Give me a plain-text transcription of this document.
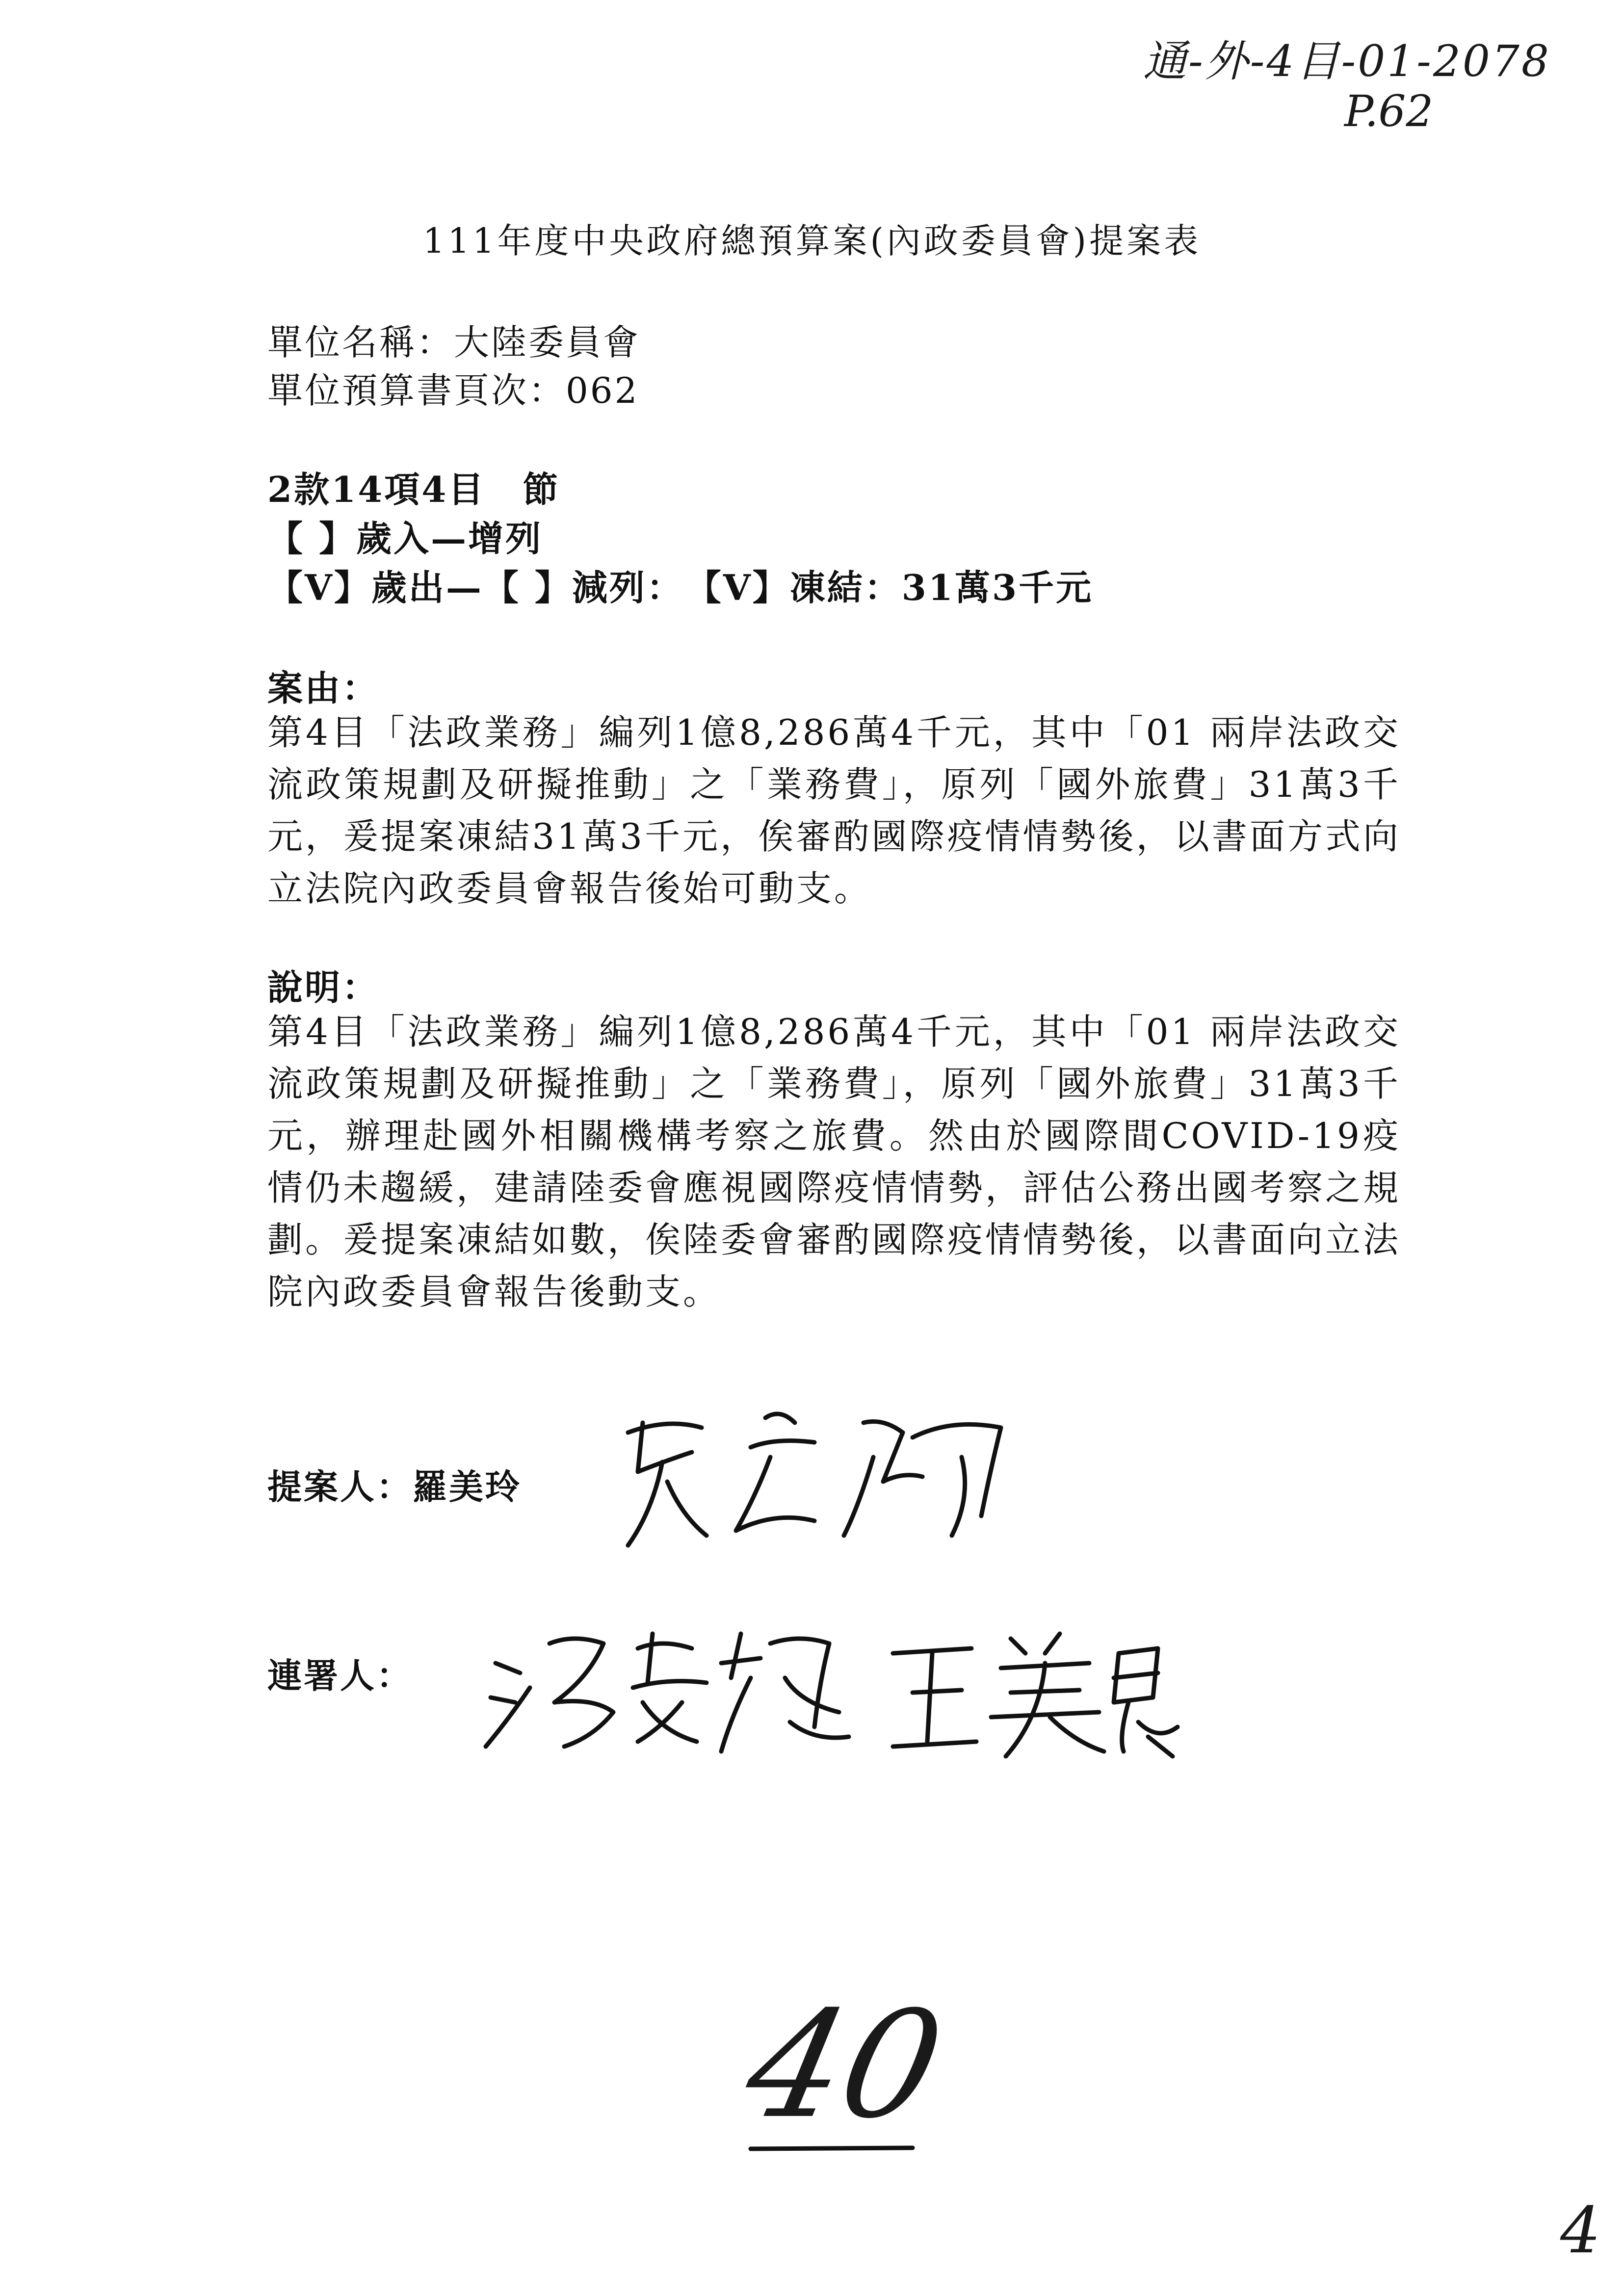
通-外-4目-01-2078
P.62
111年度中央政府總預算案(內政委員會)提案表
單位名稱：大陸委員會
單位預算書頁次：062
2款14項4目　節
【 】歲入—增列
【V】歲出—【 】減列：　【V】凍結：31萬3千元
案由：
第4目「法政業務」編列1億8,286萬4千元，其中「01 兩岸法政交流政策規劃及研擬推動」之「業務費」，原列「國外旅費」31萬3千元，爰提案凍結31萬3千元，俟審酌國際疫情情勢後，以書面方式向立法院內政委員會報告後始可動支。
說明：
第4目「法政業務」編列1億8,286萬4千元，其中「01 兩岸法政交流政策規劃及研擬推動」之「業務費」，原列「國外旅費」31萬3千元，辦理赴國外相關機構考察之旅費。然由於國際間COVID-19疫情仍未趨緩，建請陸委會應視國際疫情情勢，評估公務出國考察之規劃。爰提案凍結如數，俟陸委會審酌國際疫情情勢後，以書面向立法院內政委員會報告後動支。
提案人：羅美玲
連署人：
40
4
